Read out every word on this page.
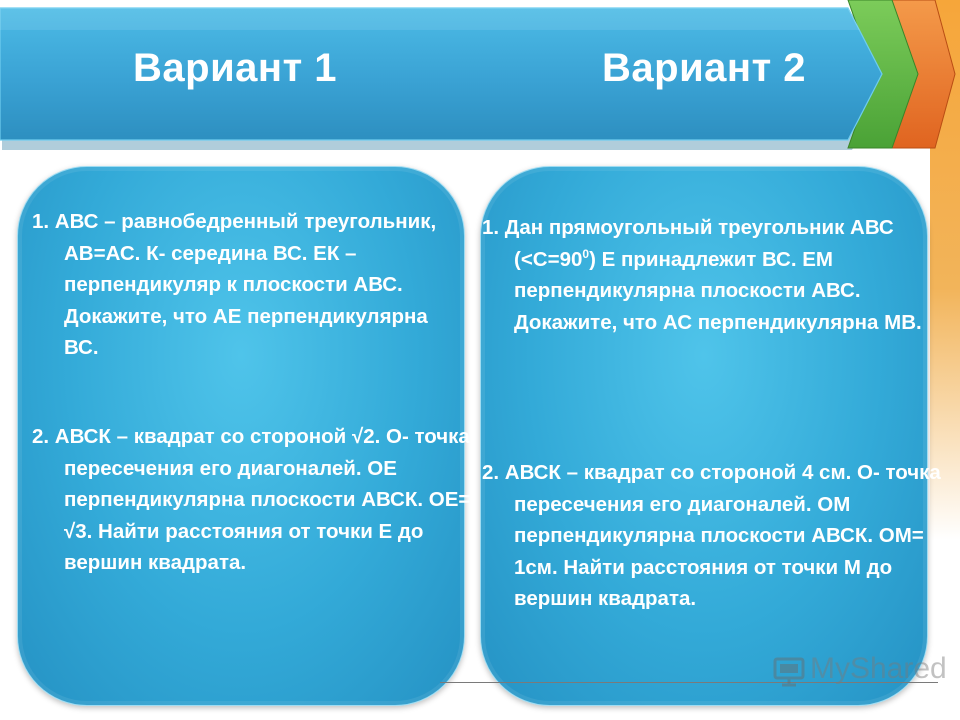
Вариант 1	Вариант 2

1. АВС – равнобедренный треугольник, АВ=АС. К- середина ВС. ЕК – перпендикуляр к плоскости АВС. Докажите, что АЕ перпендикулярна ВС.

2. АВСК – квадрат со стороной √2. О- точка пересечения его диагоналей. ОЕ перпендикулярна плоскости АВСК. ОЕ= √3. Найти расстояния от точки Е до вершин квадрата.

1. Дан прямоугольный треугольник АВС $(<С=90^0)$ Е принадлежит ВС. ЕМ перпендикулярна плоскости АВС. Докажите, что АС перпендикулярна МВ.

2. АВСК – квадрат со стороной 4 см. О- точка пересечения его диагоналей. ОМ перпендикулярна плоскости АВСК. ОМ= 1см. Найти расстояния от точки М до вершин квадрата.

MyShared
